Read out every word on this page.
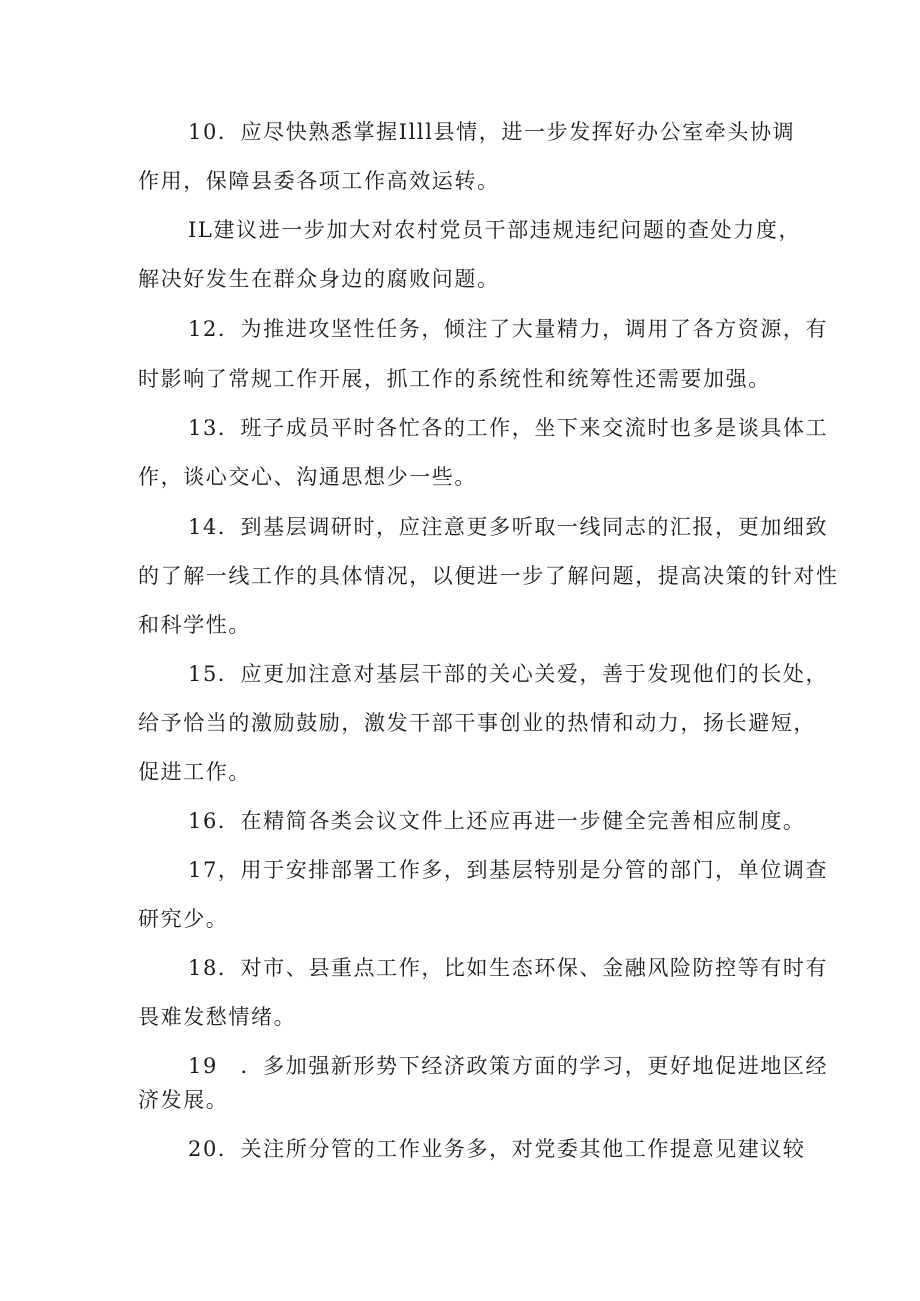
10．应尽快熟悉掌握Illl县情，进一步发挥好办公室牵头协调
作用，保障县委各项工作高效运转。
IL建议进一步加大对农村党员干部违规违纪问题的查处力度，
解决好发生在群众身边的腐败问题。
12．为推进攻坚性任务，倾注了大量精力，调用了各方资源，有
时影响了常规工作开展，抓工作的系统性和统筹性还需要加强。
13．班子成员平时各忙各的工作，坐下来交流时也多是谈具体工
作，谈心交心、沟通思想少一些。
14．到基层调研时，应注意更多听取一线同志的汇报，更加细致
的了解一线工作的具体情况，以便进一步了解问题，提高决策的针对性
和科学性。
15．应更加注意对基层干部的关心关爱，善于发现他们的长处，
给予恰当的激励鼓励，激发干部干事创业的热情和动力，扬长避短，
促进工作。
16．在精简各类会议文件上还应再进一步健全完善相应制度。
17，用于安排部署工作多，到基层特别是分管的部门，单位调查
研究少。
18．对市、县重点工作，比如生态环保、金融风险防控等有时有
畏难发愁情绪。
19　．多加强新形势下经济政策方面的学习，更好地促进地区经
济发展。
20．关注所分管的工作业务多，对党委其他工作提意见建议较
